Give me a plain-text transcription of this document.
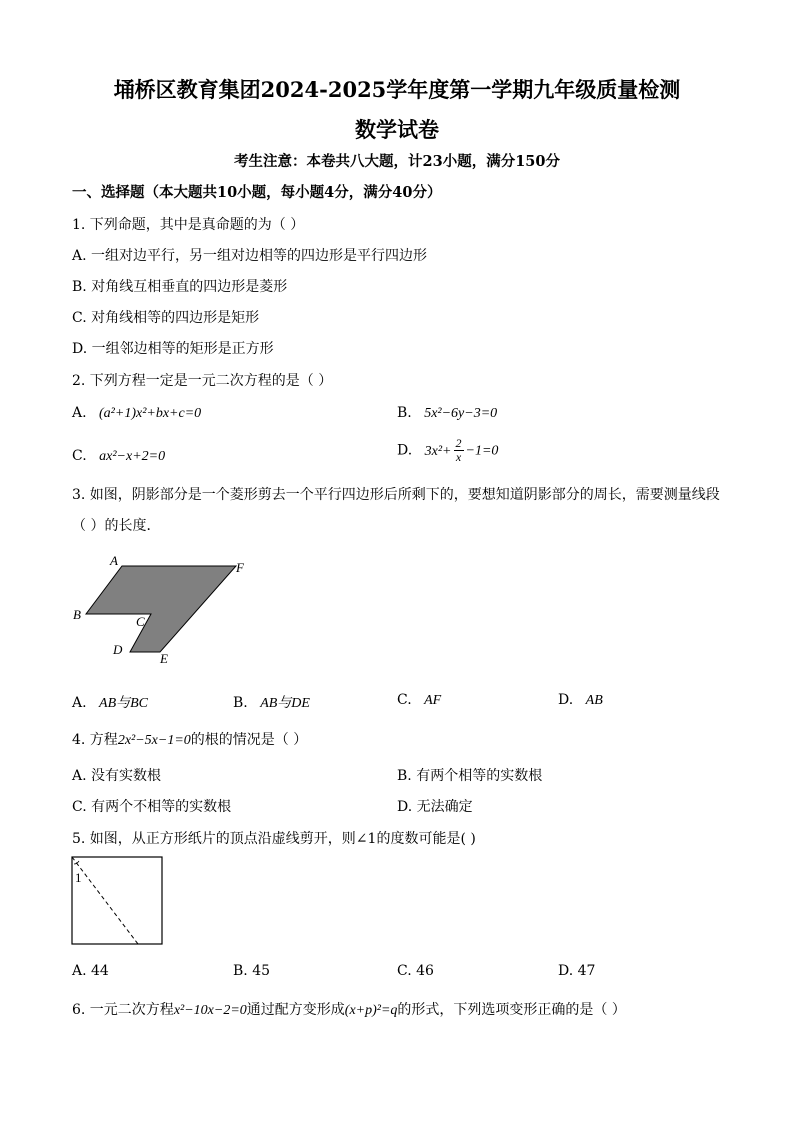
埇桥区教育集团2024-2025学年度第一学期九年级质量检测
数学试卷
考生注意：本卷共八大题，计23小题，满分150分
一、选择题（本大题共10小题，每小题4分，满分40分）
1. 下列命题，其中是真命题的为（ ）
A. 一组对边平行，另一组对边相等的四边形是平行四边形
B. 对角线互相垂直的四边形是菱形
C. 对角线相等的四边形是矩形
D. 一组邻边相等的矩形是正方形
2. 下列方程一定是一元二次方程的是（ ）
A. (a²+1)x²+bx+c=0	B. 5x²−6y−3=0
C. ax²−x+2=0	D. $3x^2+ \frac{2}{x} -1=0$
3. 如图，阴影部分是一个菱形剪去一个平行四边形后所剩下的，要想知道阴影部分的周长，需要测量线段
（ ）的长度．
A	F
B	C
D
E
A. AB与BC	B. AB与DE	C. AF	D. AB
4. 方程2x²−5x−1=0的根的情况是（ ）
A. 没有实数根	B. 有两个相等的实数根
C. 有两个不相等的实数根	D. 无法确定
5. 如图，从正方形纸片的顶点沿虚线剪开，则∠1的度数可能是( )
1
A. 44	B. 45	C. 46	D. 47
6. 一元二次方程x²−10x−2=0通过配方变形成(x+p)²=q的形式，下列选项变形正确的是（ ）
